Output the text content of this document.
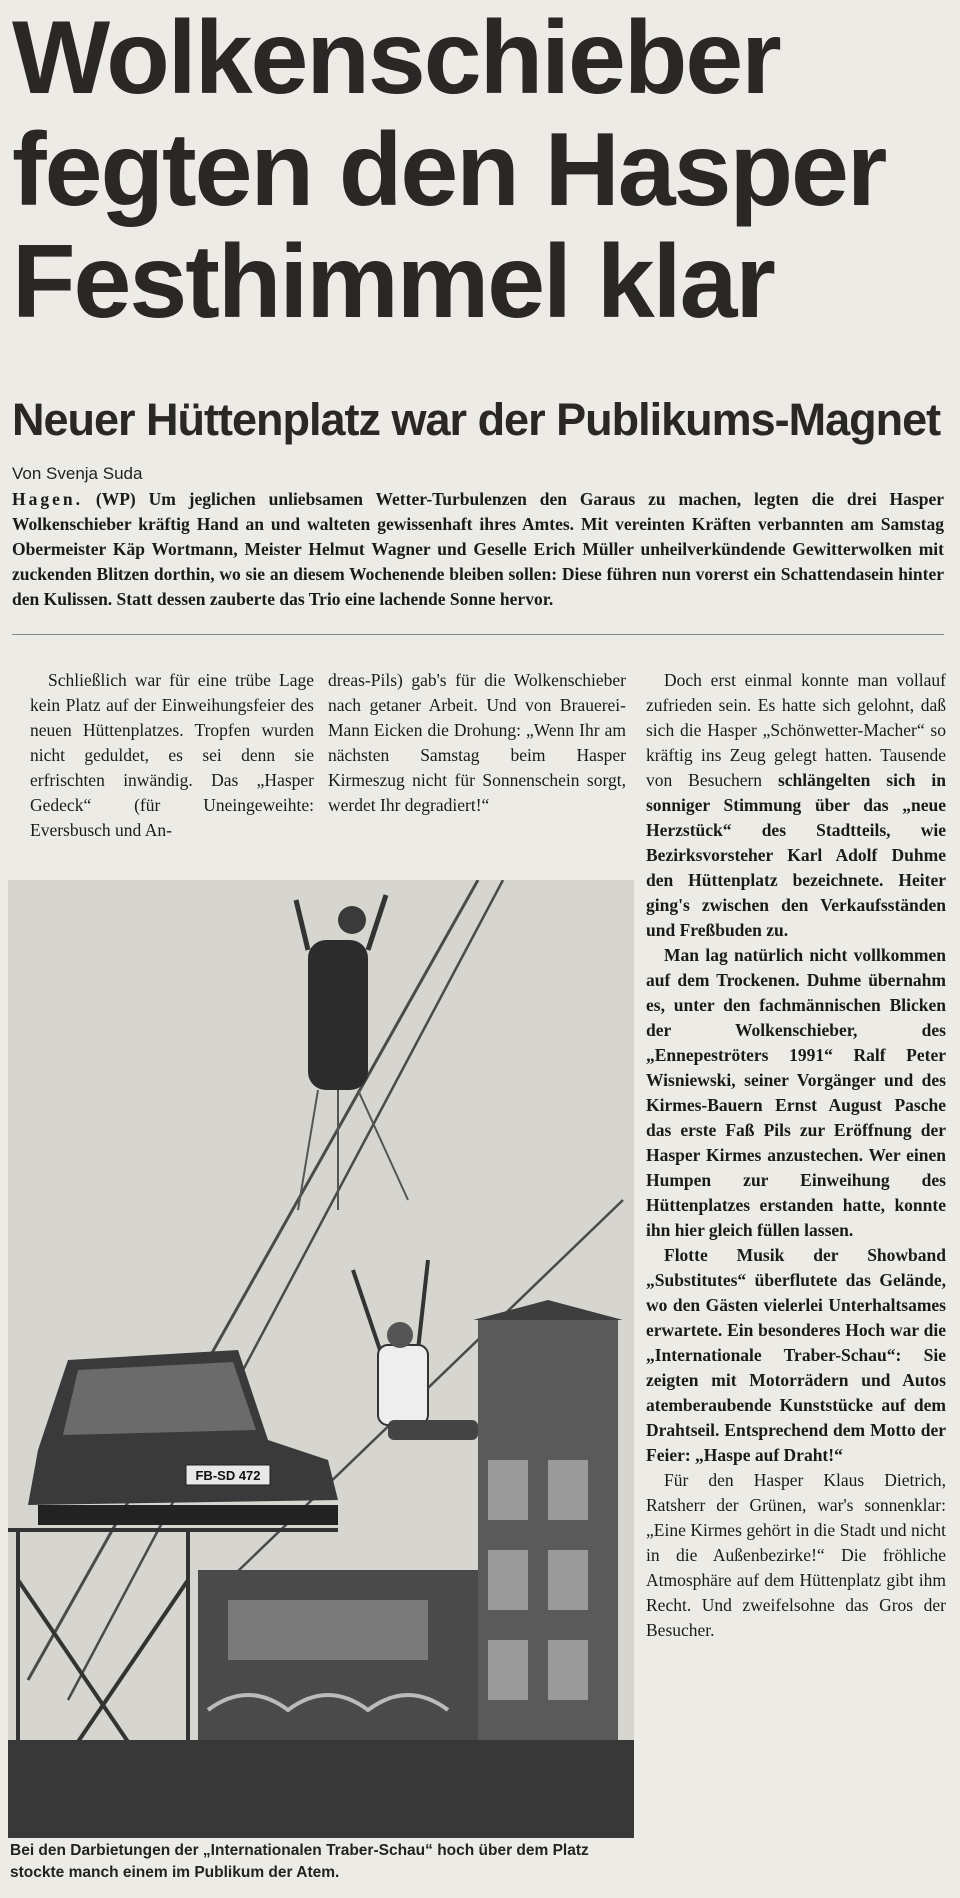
Wolkenschieber
fegten den Hasper
Festhimmel klar
Neuer Hüttenplatz war der Publikums-Magnet
Von Svenja Suda

Hagen. (WP) Um jeglichen unliebsamen Wetter-Turbulenzen den Garaus zu machen, legten die drei Hasper Wolkenschieber kräftig Hand an und walteten gewissenhaft ihres Amtes. Mit vereinten Kräften verbannten am Samstag Obermeister Käp Wortmann, Meister Helmut Wagner und Geselle Erich Müller unheilverkündende Gewitterwolken mit zuckenden Blitzen dorthin, wo sie an diesem Wochenende bleiben sollen: Diese führen nun vorerst ein Schattendasein hinter den Kulissen. Statt dessen zauberte das Trio eine lachende Sonne hervor.

Schließlich war für eine trübe Lage kein Platz auf der Einweihungsfeier des neuen Hüttenplatzes. Tropfen wurden nicht geduldet, es sei denn sie erfrischten inwändig. Das „Hasper Gedeck“ (für Uneingeweihte: Eversbusch und An-

dreas-Pils) gab's für die Wolkenschieber nach getaner Arbeit. Und von Brauerei-Mann Eicken die Drohung: „Wenn Ihr am nächsten Samstag beim Hasper Kirmeszug nicht für Sonnenschein sorgt, werdet Ihr degradiert!“

Doch erst einmal konnte man vollauf zufrieden sein. Es hatte sich gelohnt, daß sich die Hasper „Schönwetter-Macher“ so kräftig ins Zeug gelegt hatten. Tausende von Besuchern schlängelten sich in sonniger Stimmung über das „neue Herzstück“ des Stadtteils, wie Bezirksvorsteher Karl Adolf Duhme den Hüttenplatz bezeichnete. Heiter ging's zwischen den Verkaufsständen und Freßbuden zu.

Man lag natürlich nicht vollkommen auf dem Trockenen. Duhme übernahm es, unter den fachmännischen Blicken der Wolkenschieber, des „Ennepeströters 1991“ Ralf Peter Wisniewski, seiner Vorgänger und des Kirmes-Bauern Ernst August Pasche das erste Faß Pils zur Eröffnung der Hasper Kirmes anzustechen. Wer einen Humpen zur Einweihung des Hüttenplatzes erstanden hatte, konnte ihn hier gleich füllen lassen.

Flotte Musik der Showband „Substitutes“ überflutete das Gelände, wo den Gästen vielerlei Unterhaltsames erwartete. Ein besonderes Hoch war die „Internationale Traber-Schau“: Sie zeigten mit Motorrädern und Autos atemberaubende Kunststücke auf dem Drahtseil. Entsprechend dem Motto der Feier: „Haspe auf Draht!“

Für den Hasper Klaus Dietrich, Ratsherr der Grünen, war's sonnenklar: „Eine Kirmes gehört in die Stadt und nicht in die Außenbezirke!“ Die fröhliche Atmosphäre auf dem Hüttenplatz gibt ihm Recht. Und zweifelsohne das Gros der Besucher.

FB-SD 472

Bei den Darbietungen der „Internationalen Traber-Schau“ hoch über dem Platz stockte manch einem im Publikum der Atem.
